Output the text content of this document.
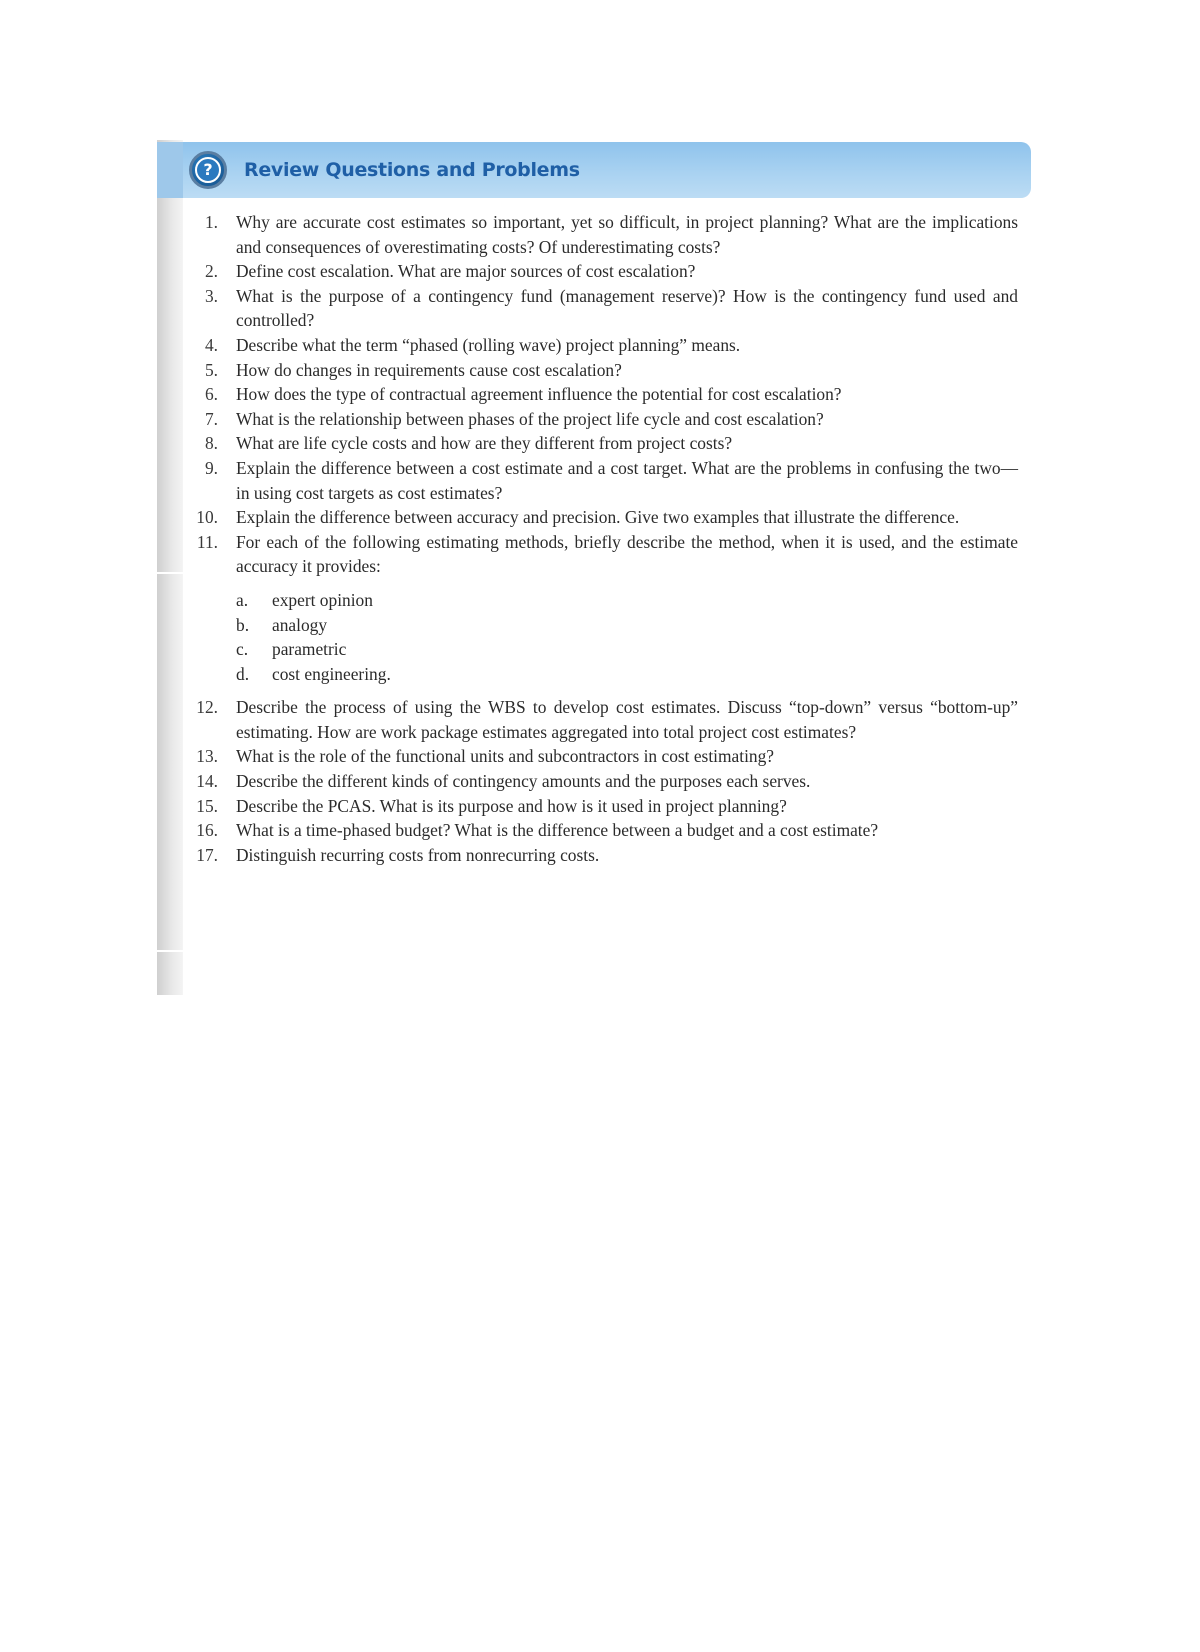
?	Review Questions and Problems
1. Why are accurate cost estimates so important, yet so difficult, in project planning? What are the implications and consequences of overestimating costs? Of underestimating costs?
2. Define cost escalation. What are major sources of cost escalation?
3. What is the purpose of a contingency fund (management reserve)? How is the contingency fund used and controlled?
4. Describe what the term “phased (rolling wave) project planning” means.
5. How do changes in requirements cause cost escalation?
6. How does the type of contractual agreement influence the potential for cost escalation?
7. What is the relationship between phases of the project life cycle and cost escalation?
8. What are life cycle costs and how are they different from project costs?
9. Explain the difference between a cost estimate and a cost target. What are the problems in confusing the two—in using cost targets as cost estimates?
10. Explain the difference between accuracy and precision. Give two examples that illustrate the difference.
11. For each of the following estimating methods, briefly describe the method, when it is used, and the estimate accuracy it provides:
a. expert opinion
b. analogy
c. parametric
d. cost engineering.
12. Describe the process of using the WBS to develop cost estimates. Discuss “top-down” versus “bottom-up” estimating. How are work package estimates aggregated into total project cost estimates?
13. What is the role of the functional units and subcontractors in cost estimating?
14. Describe the different kinds of contingency amounts and the purposes each serves.
15. Describe the PCAS. What is its purpose and how is it used in project planning?
16. What is a time-phased budget? What is the difference between a budget and a cost estimate?
17. Distinguish recurring costs from nonrecurring costs.
